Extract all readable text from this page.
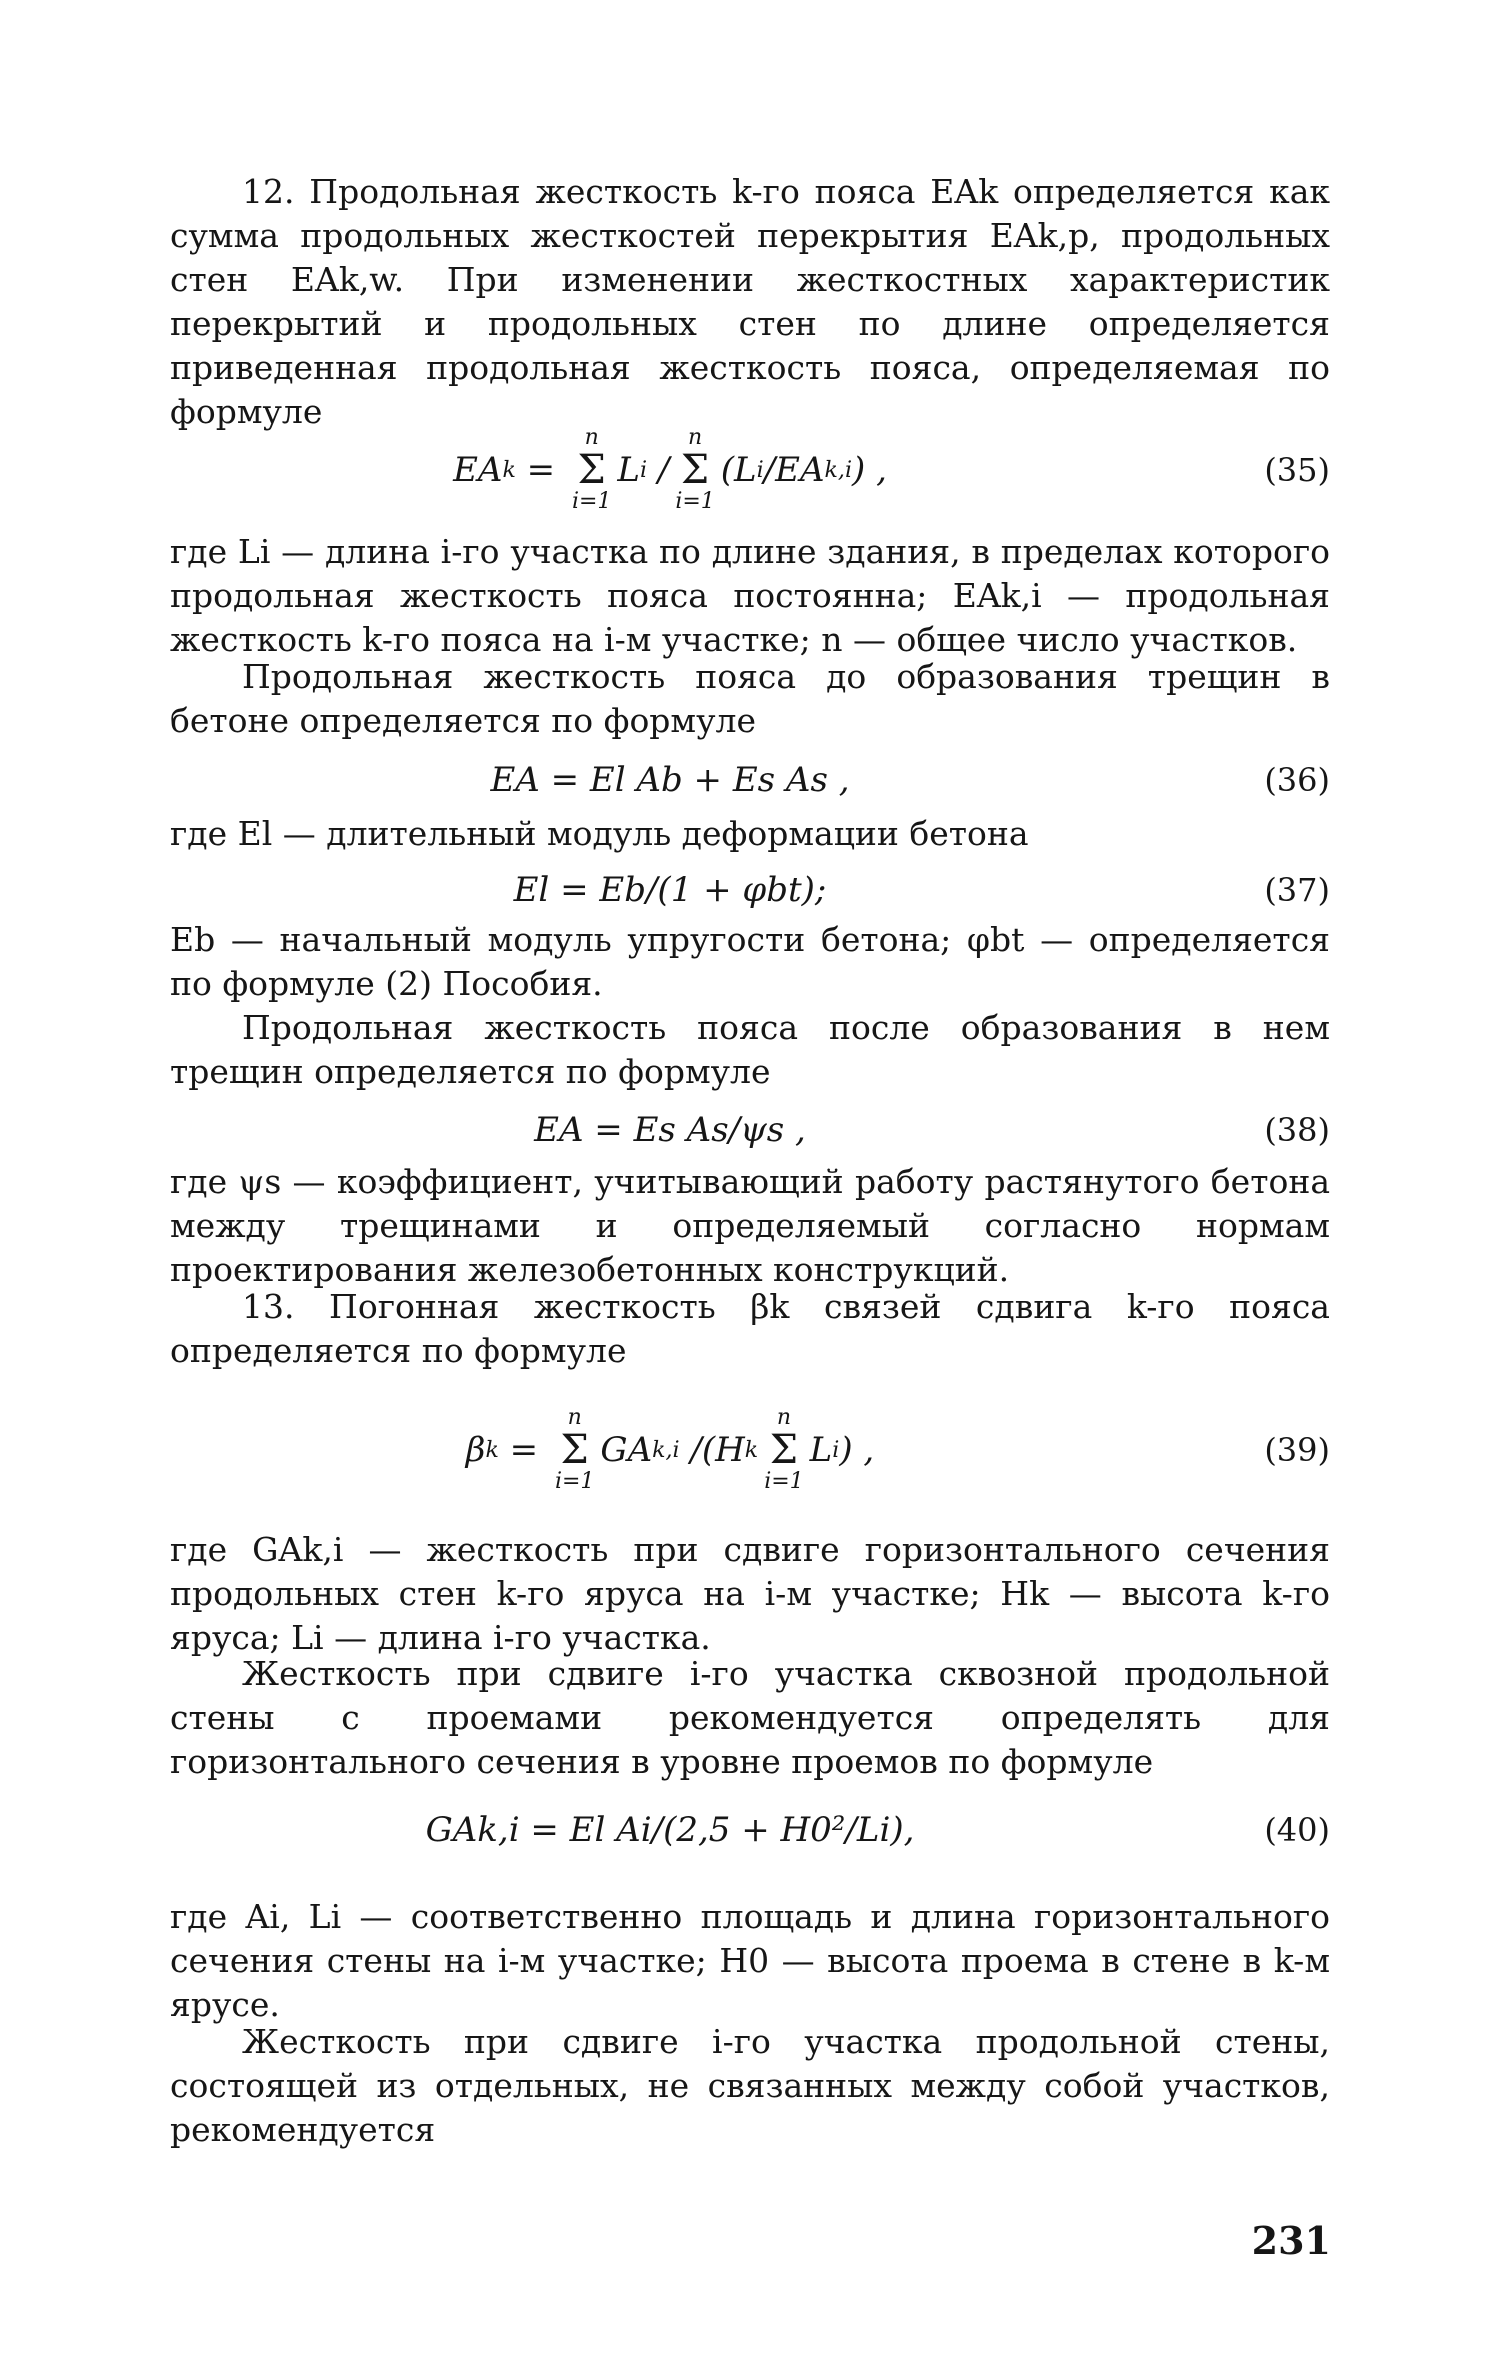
12. Продольная жесткость k-го пояса EAk определяется как сумма продольных жесткостей перекрытия EAk,p, продольных стен EAk,w. При изменении жесткостных характеристик перекрытий и продольных стен по длине определяется приведенная продольная жесткость пояса, определяемая по формуле
EA k =
n
Σ
i=1
L i /
n
Σ
i=1
(L i /EA k,i ) ,	(35)
где Li — длина i-го участка по длине здания, в пределах которого продольная жесткость пояса постоянна; EAk,i — продольная жесткость k-го пояса на i-м участке; n — общее число участков.
Продольная жесткость пояса до образования трещин в бетоне определяется по формуле
EA = El Ab + Es As ,	(36)
где El — длительный модуль деформации бетона
El = Eb/(1 + φbt);	(37)
Eb — начальный модуль упругости бетона; φbt — определяется по формуле (2) Пособия.
Продольная жесткость пояса после образования в нем трещин определяется по формуле
EA = Es As/ψs ,	(38)
где ψs — коэффициент, учитывающий работу растянутого бетона между трещинами и определяемый согласно нормам проектирования железобетонных конструкций.
13. Погонная жесткость βk связей сдвига k-го пояса определяется по формуле
β k =
n
Σ
i=1
GA k,i /(H k
n
Σ
i=1
L i ) ,	(39)
где GAk,i — жесткость при сдвиге горизонтального сечения продольных стен k-го яруса на i-м участке; Hk — высота k-го яруса; Li — длина i-го участка.
Жесткость при сдвиге i-го участка сквозной продольной стены с проемами рекомендуется определять для горизонтального сечения в уровне проемов по формуле
GAk,i = El Ai/(2,5 + H0²/Li),	(40)
где Ai, Li — соответственно площадь и длина горизонтального сечения стены на i-м участке; H0 — высота проема в стене в k-м ярусе.
Жесткость при сдвиге i-го участка продольной стены, состоящей из отдельных, не связанных между собой участков, рекомендуется
231
